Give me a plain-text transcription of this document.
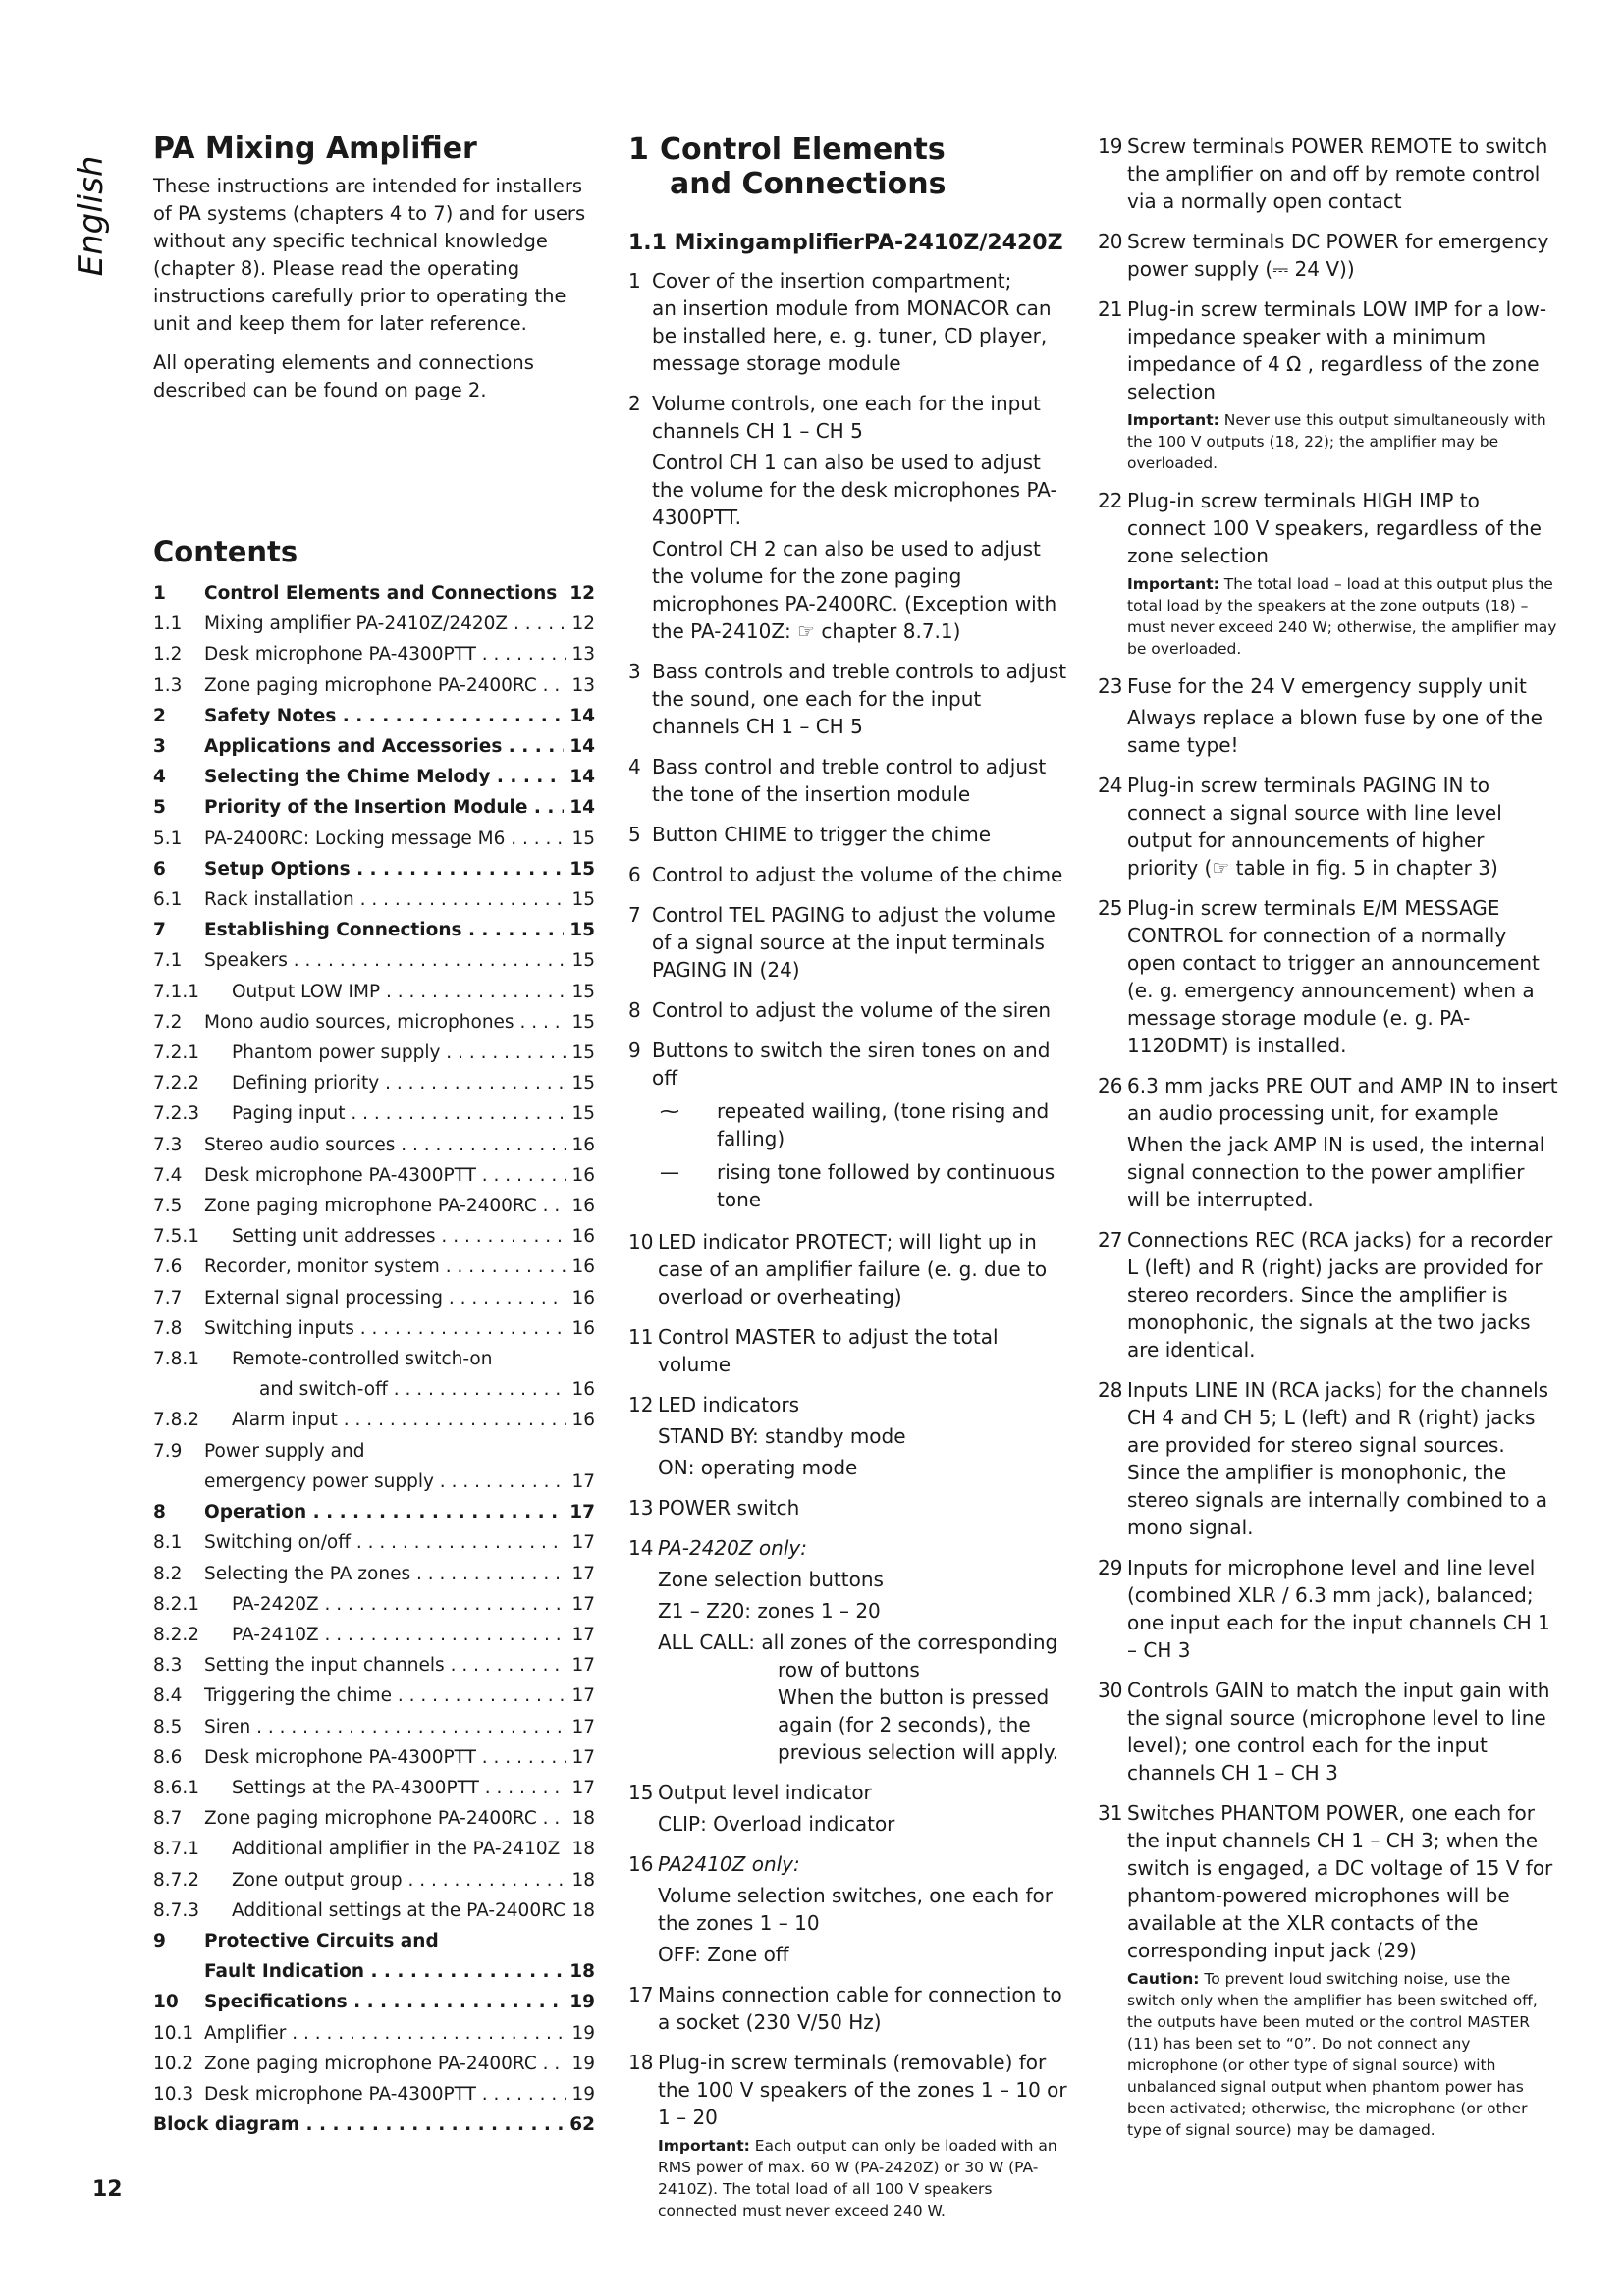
English
PA Mixing Amplifier

These instructions are intended for installers of PA systems (chapters 4 to 7) and for users without any specific technical knowledge (chapter 8). Please read the operating instructions carefully prior to operating the unit and keep them for later reference.

All operating elements and connections described can be found on page 2.

Contents
1	Control Elements and Connections . . . 12
1.1	Mixing amplifier PA-2410Z/2420Z . . .	12
1.2	Desk microphone PA-4300PTT . . .	13
1.3	Zone paging microphone PA-2400RC . . .	13
2	Safety Notes . . .	14
3	Applications and Accessories . . .	14
4	Selecting the Chime Melody . . .	14
5	Priority of the Insertion Module . . .	14
5.1	PA-2400RC: Locking message M6 . . .	15
6	Setup Options . . .	15
6.1	Rack installation . . .	15
7	Establishing Connections . . .	15
7.1	Speakers . . .	15
7.1.1	Output LOW IMP . . .	15
7.2	Mono audio sources, microphones . . .	15
7.2.1	Phantom power supply . . .	15
7.2.2	Defining priority . . .	15
7.2.3	Paging input . . .	15
7.3	Stereo audio sources . . .	16
7.4	Desk microphone PA-4300PTT . . .	16
7.5	Zone paging microphone PA-2400RC . . .	16
7.5.1	Setting unit addresses . . .	16
7.6	Recorder, monitor system . . .	16
7.7	External signal processing . . .	16
7.8	Switching inputs . . .	16
7.8.1	Remote-controlled switch-on
and switch-off . . .	16
7.8.2	Alarm input . . .	16
7.9	Power supply and
emergency power supply . . .	17
8	Operation . . .	17
8.1	Switching on/off . . .	17
8.2	Selecting the PA zones . . .	17
8.2.1	PA-2420Z . . .	17
8.2.2	PA-2410Z . . .	17
8.3	Setting the input channels . . .	17
8.4	Triggering the chime . . .	17
8.5	Siren . . .	17
8.6	Desk microphone PA-4300PTT . . .	17
8.6.1	Settings at the PA-4300PTT . . .	17
8.7	Zone paging microphone PA-2400RC . . .	18
8.7.1	Additional amplifier in the PA-2410Z . . . 18
8.7.2	Zone output group . . .	18
8.7.3	Additional settings at the PA-2400RC . . . 18
9	Protective Circuits and
Fault Indication . . .	18
10	Specifications . . .	19
10.1 Amplifier . . .	19
10.2 Zone paging microphone PA-2400RC . . .	19
10.3 Desk microphone PA-4300PTT . . .	19
Block diagram . . .	62
1 Control Elements
and Connections
1.1 MixingamplifierPA-2410Z/2420Z
1 Cover of the insertion compartment;

an insertion module from MONACOR can be installed here, e. g. tuner, CD player, message storage module

2 Volume controls, one each for the input channels CH 1 – CH 5

Control CH 1 can also be used to adjust the volume for the desk microphones PA-4300PTT.

Control CH 2 can also be used to adjust the volume for the zone paging microphones PA-2400RC. (Exception with the PA-2410Z: ☞ chapter 8.7.1)

3 Bass controls and treble controls to adjust the sound, one each for the input channels CH 1 – CH 5

4 Bass control and treble control to adjust the tone of the insertion module

5 Button CHIME to trigger the chime

6 Control to adjust the volume of the chime

7 Control TEL PAGING to adjust the volume of a signal source at the input terminals PAGING IN (24)

8 Control to adjust the volume of the siren

9 Buttons to switch the siren tones on and off

⁓	repeated wailing, (tone rising and falling)
—	rising tone followed by continuous tone
10 LED indicator PROTECT; will light up in case of an amplifier failure (e. g. due to overload or overheating)

11 Control MASTER to adjust the total volume

12 LED indicators

STAND BY: standby mode

ON: operating mode

13 POWER switch

14 PA-2420Z only:

Zone selection buttons

Z1 – Z20: zones 1 – 20

ALL CALL: all zones of the corresponding

row of buttons

When the button is pressed again (for 2 seconds), the previous selection will apply.

15 Output level indicator

CLIP: Overload indicator

16 PA2410Z only:

Volume selection switches, one each for the zones 1 – 10

OFF: Zone off

17 Mains connection cable for connection to a socket (230 V/50 Hz)

18 Plug-in screw terminals (removable) for the 100 V speakers of the zones 1 – 10 or 1 – 20

Important: Each output can only be loaded with an RMS power of max. 60 W (PA-2420Z) or 30 W (PA-2410Z). The total load of all 100 V speakers connected must never exceed 240 W.

19 Screw terminals POWER REMOTE to switch the amplifier on and off by remote control via a normally open contact

20 Screw terminals DC POWER for emergency power supply (⎓ 24 V))

21 Plug-in screw terminals LOW IMP for a low-impedance speaker with a minimum impedance of 4 Ω , regardless of the zone selection

Important: Never use this output simultaneously with the 100 V outputs (18, 22); the amplifier may be overloaded.

22 Plug-in screw terminals HIGH IMP to connect 100 V speakers, regardless of the zone selection

Important: The total load – load at this output plus the total load by the speakers at the zone outputs (18) – must never exceed 240 W; otherwise, the amplifier may be overloaded.

23 Fuse for the 24 V emergency supply unit

Always replace a blown fuse by one of the same type!

24 Plug-in screw terminals PAGING IN to connect a signal source with line level output for announcements of higher priority (☞ table in fig. 5 in chapter 3)

25 Plug-in screw terminals E/M MESSAGE CONTROL for connection of a normally open contact to trigger an announcement (e. g. emergency announcement) when a message storage module (e. g. PA-1120DMT) is installed.

26 6.3 mm jacks PRE OUT and AMP IN to insert an audio processing unit, for example

When the jack AMP IN is used, the internal signal connection to the power amplifier will be interrupted.

27 Connections REC (RCA jacks) for a recorder L (left) and R (right) jacks are provided for stereo recorders. Since the amplifier is monophonic, the signals at the two jacks are identical.

28 Inputs LINE IN (RCA jacks) for the channels CH 4 and CH 5; L (left) and R (right) jacks are provided for stereo signal sources. Since the amplifier is monophonic, the stereo signals are internally combined to a mono signal.

29 Inputs for microphone level and line level (combined XLR / 6.3 mm jack), balanced; one input each for the input channels CH 1 – CH 3

30 Controls GAIN to match the input gain with the signal source (microphone level to line level); one control each for the input channels CH 1 – CH 3

31 Switches PHANTOM POWER, one each for the input channels CH 1 – CH 3; when the switch is engaged, a DC voltage of 15 V for phantom-powered microphones will be available at the XLR contacts of the corresponding input jack (29)

Caution: To prevent loud switching noise, use the switch only when the amplifier has been switched off, the outputs have been muted or the control MASTER (11) has been set to “0”. Do not connect any microphone (or other type of signal source) with unbalanced signal output when phantom power has been activated; otherwise, the microphone (or other type of signal source) may be damaged.

12
